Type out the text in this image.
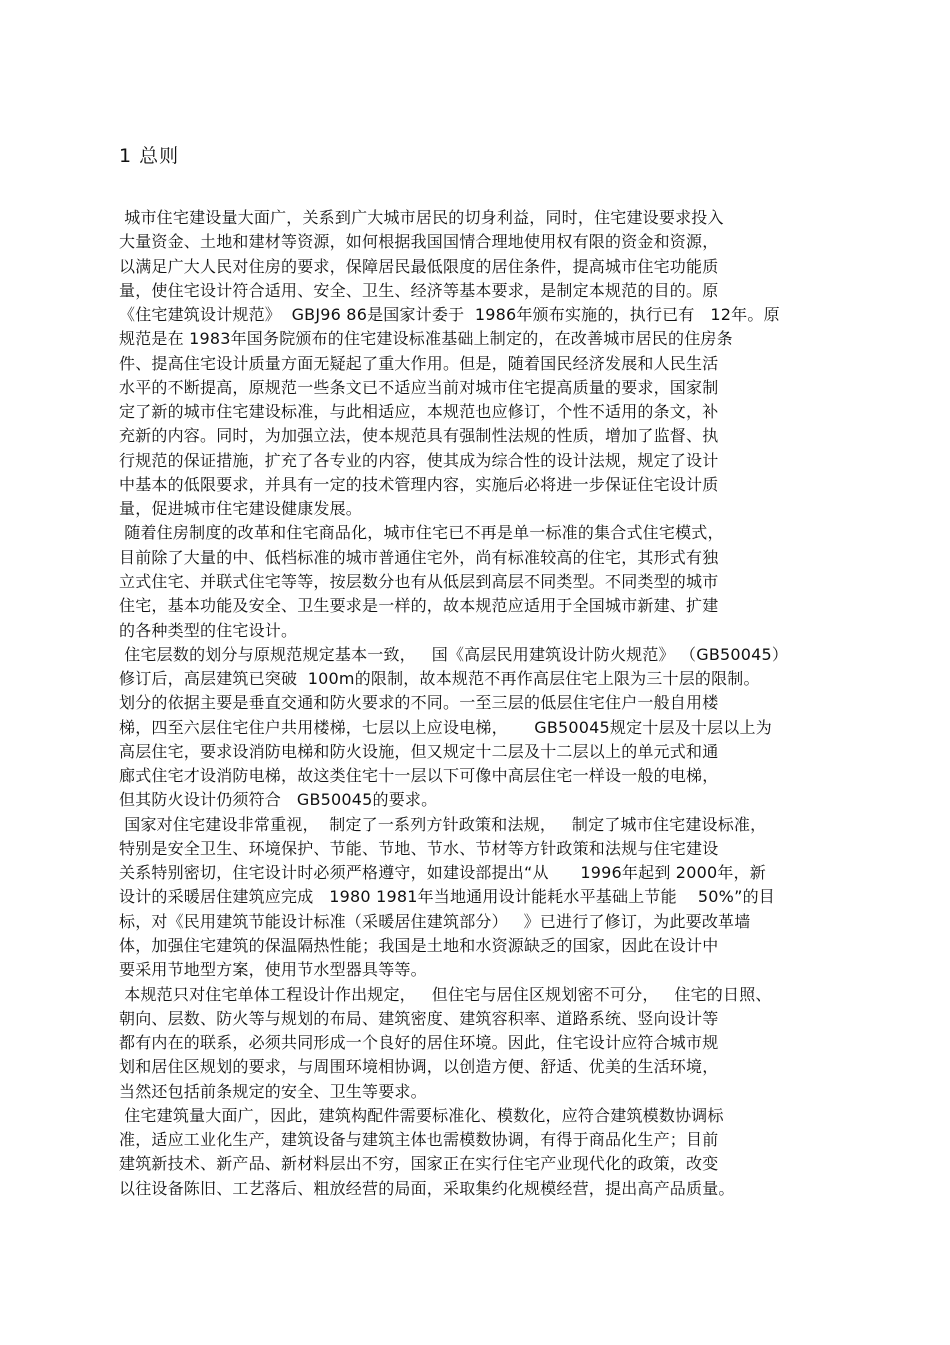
1 总则
城市住宅建设量大面广，关系到广大城市居民的切身利益，同时，住宅建设要求投入
大量资金、土地和建材等资源，如何根据我国国情合理地使用权有限的资金和资源，
以满足广大人民对住房的要求，保障居民最低限度的居住条件，提高城市住宅功能质
量，使住宅设计符合适用、安全、卫生、经济等基本要求，是制定本规范的目的。原
《住宅建筑设计规范》  GBJ96 86是国家计委于  1986年颁布实施的，执行已有   12年。原
规范是在 1983年国务院颁布的住宅建设标准基础上制定的，在改善城市居民的住房条
件、提高住宅设计质量方面无疑起了重大作用。但是，随着国民经济发展和人民生活
水平的不断提高，原规范一些条文已不适应当前对城市住宅提高质量的要求，国家制
定了新的城市住宅建设标准，与此相适应，本规范也应修订，个性不适用的条文，补
充新的内容。同时，为加强立法，使本规范具有强制性法规的性质，增加了监督、执
行规范的保证措施，扩充了各专业的内容，使其成为综合性的设计法规，规定了设计
中基本的低限要求，并具有一定的技术管理内容，实施后必将进一步保证住宅设计质
量，促进城市住宅建设健康发展。
随着住房制度的改革和住宅商品化，城市住宅已不再是单一标准的集合式住宅模式，
目前除了大量的中、低档标准的城市普通住宅外，尚有标准较高的住宅，其形式有独
立式住宅、并联式住宅等等，按层数分也有从低层到高层不同类型。不同类型的城市
住宅，基本功能及安全、卫生要求是一样的，故本规范应适用于全国城市新建、扩建
的各种类型的住宅设计。
住宅层数的划分与原规范规定基本一致，   国《高层民用建筑设计防火规范》 （GB50045）
修订后，高层建筑已突破  100m的限制，故本规范不再作高层住宅上限为三十层的限制。
划分的依据主要是垂直交通和防火要求的不同。一至三层的低层住宅住户一般自用楼
梯，四至六层住宅住户共用楼梯，七层以上应设电梯，     GB50045规定十层及十层以上为
高层住宅，要求设消防电梯和防火设施，但又规定十二层及十二层以上的单元式和通
廊式住宅才设消防电梯，故这类住宅十一层以下可像中高层住宅一样设一般的电梯，
但其防火设计仍须符合   GB50045的要求。
国家对住宅建设非常重视，  制定了一系列方针政策和法规，   制定了城市住宅建设标准，
特别是安全卫生、环境保护、节能、节地、节水、节材等方针政策和法规与住宅建设
关系特别密切，住宅设计时必须严格遵守，如建设部提出“从      1996年起到 2000年，新
设计的采暖居住建筑应完成   1980 1981年当地通用设计能耗水平基础上节能    50%”的目
标，对《民用建筑节能设计标准（采暖居住建筑部分）   》已进行了修订，为此要改革墙
体，加强住宅建筑的保温隔热性能；我国是土地和水资源缺乏的国家，因此在设计中
要采用节地型方案，使用节水型器具等等。
本规范只对住宅单体工程设计作出规定，   但住宅与居住区规划密不可分，   住宅的日照、
朝向、层数、防火等与规划的布局、建筑密度、建筑容积率、道路系统、竖向设计等
都有内在的联系，必须共同形成一个良好的居住环境。因此，住宅设计应符合城市规
划和居住区规划的要求，与周围环境相协调，以创造方便、舒适、优美的生活环境，
当然还包括前条规定的安全、卫生等要求。
住宅建筑量大面广，因此，建筑构配件需要标准化、模数化，应符合建筑模数协调标
准，适应工业化生产，建筑设备与建筑主体也需模数协调，有得于商品化生产；目前
建筑新技术、新产品、新材料层出不穷，国家正在实行住宅产业现代化的政策，改变
以往设备陈旧、工艺落后、粗放经营的局面，采取集约化规模经营，提出高产品质量。
